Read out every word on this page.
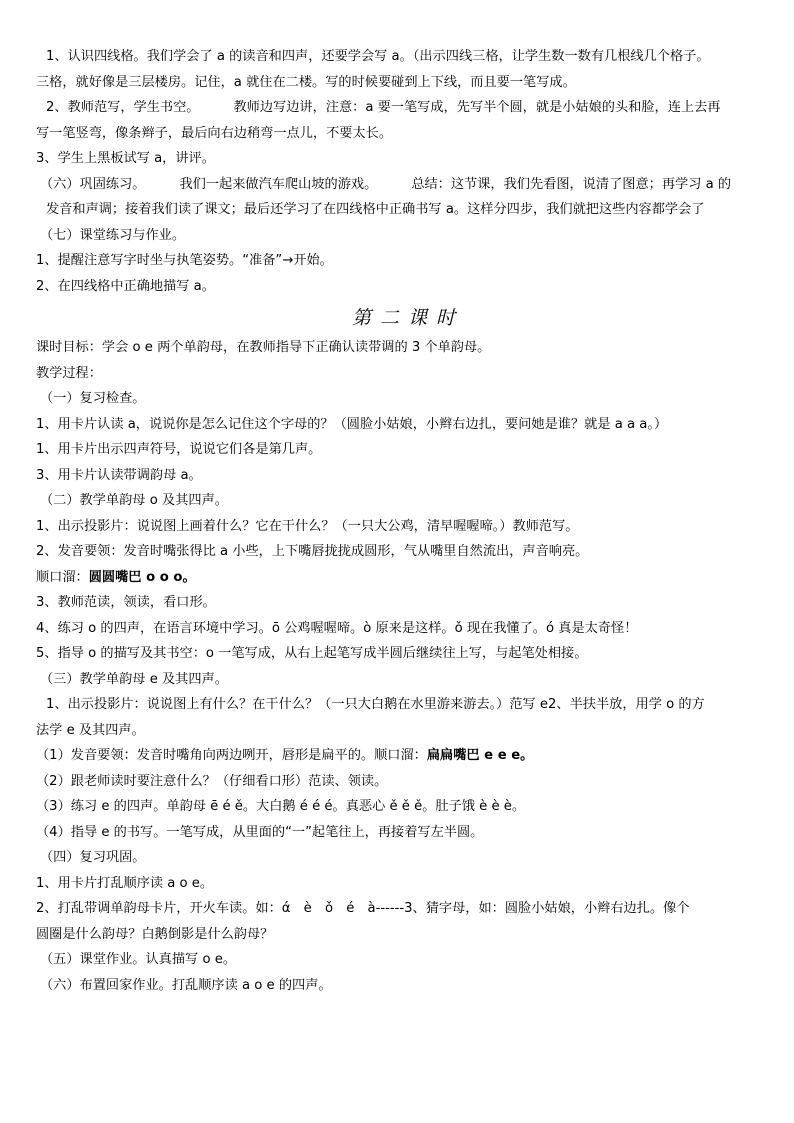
1、认识四线格。我们学会了 a 的读音和四声，还要学会写 a。（出示四线三格，让学生数一数有几根线几个格子。
三格，就好像是三层楼房。记住，a 就住在二楼。写的时候要碰到上下线，而且要一笔写成。
2、教师范写，学生书空。	教师边写边讲，注意：a 要一笔写成，先写半个圆，就是小姑娘的头和脸，连上去再
写一笔竖弯，像条辫子，最后向右边稍弯一点儿，不要太长。
3、学生上黑板试写 a，讲评。
（六）巩固练习。	我们一起来做汽车爬山坡的游戏。	总结：这节课，我们先看图，说清了图意；再学习 a 的
发音和声调；接着我们读了课文；最后还学习了在四线格中正确书写 a。这样分四步，我们就把这些内容都学会了
（七）课堂练习与作业。
1、提醒注意写字时坐与执笔姿势。“准备”→开始。
2、在四线格中正确地描写 a。
第二课时
课时目标：学会 o e 两个单韵母，在教师指导下正确认读带调的 3 个单韵母。
教学过程：
（一）复习检查。
1、用卡片认读 a，说说你是怎么记住这个字母的？（圆脸小姑娘，小辫右边扎，要问她是谁？就是 a a a。）
1、用卡片出示四声符号，说说它们各是第几声。
3、用卡片认读带调韵母 a。
（二）教学单韵母 o 及其四声。
1、出示投影片：说说图上画着什么？它在干什么？（一只大公鸡，清早喔喔啼。）教师范写。
2、发音要领：发音时嘴张得比 a 小些，上下嘴唇拢拢成圆形，气从嘴里自然流出，声音响亮。
顺口溜：圆圆嘴巴 o o o。
3、教师范读，领读，看口形。
4、练习 o 的四声，在语言环境中学习。ō 公鸡喔喔啼。ò 原来是这样。ǒ 现在我懂了。ó 真是太奇怪！
5、指导 o 的描写及其书空：o 一笔写成，从右上起笔写成半圆后继续往上写，与起笔处相接。
（三）教学单韵母 e 及其四声。
1、出示投影片：说说图上有什么？在干什么？（一只大白鹅在水里游来游去。）范写 e2、半扶半放，用学 o 的方
法学 e 及其四声。
（1）发音要领：发音时嘴角向两边咧开，唇形是扁平的。顺口溜：扁扁嘴巴 e e e。
（2）跟老师读时要注意什么？（仔细看口形）范读、领读。
（3）练习 e 的四声。单韵母 ē é ě。大白鹅 é é é。真恶心 ě ě ě。肚子饿 è è è。
（4）指导 e 的书写。一笔写成，从里面的“一”起笔往上，再接着写左半圆。
（四）复习巩固。
1、用卡片打乱顺序读 a o e。
2、打乱带调单韵母卡片，开火车读。如：ά　è　ǒ　é　à------3、猜字母，如：圆脸小姑娘，小辫右边扎。像个
圆圈是什么韵母？白鹅倒影是什么韵母？
（五）课堂作业。认真描写 o e。
（六）布置回家作业。打乱顺序读 a o e 的四声。
